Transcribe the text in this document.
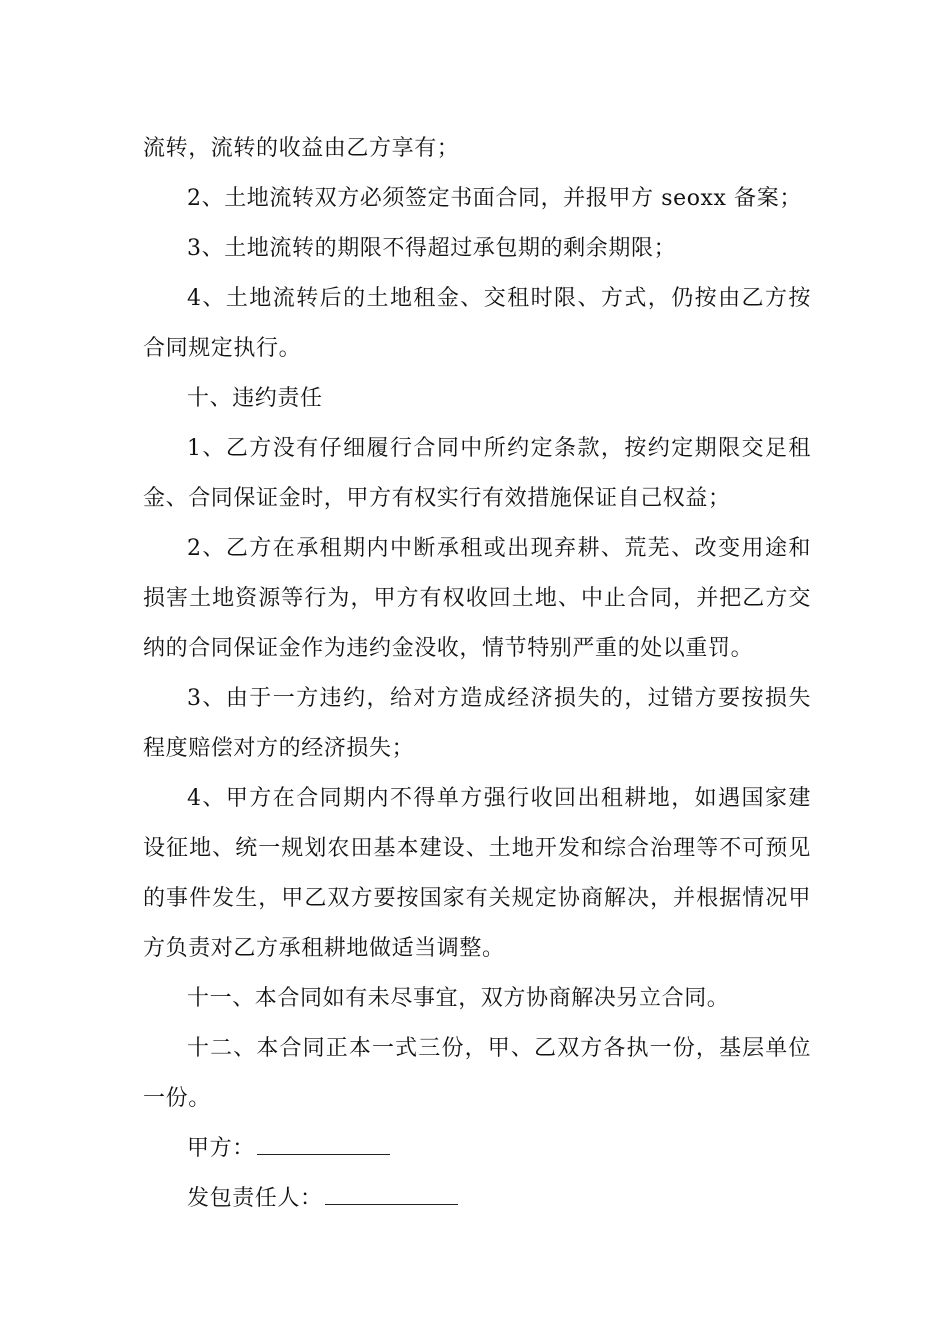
流转，流转的收益由乙方享有；

2、土地流转双方必须签定书面合同，并报甲方 seoxx 备案；

3、土地流转的期限不得超过承包期的剩余期限；

4、土地流转后的土地租金、交租时限、方式，仍按由乙方按合同规定执行。

十、违约责任

1、乙方没有仔细履行合同中所约定条款，按约定期限交足租金、合同保证金时，甲方有权实行有效措施保证自己权益；

2、乙方在承租期内中断承租或出现弃耕、荒芜、改变用途和损害土地资源等行为，甲方有权收回土地、中止合同，并把乙方交纳的合同保证金作为违约金没收，情节特别严重的处以重罚。

3、由于一方违约，给对方造成经济损失的，过错方要按损失程度赔偿对方的经济损失；

4、甲方在合同期内不得单方强行收回出租耕地，如遇国家建设征地、统一规划农田基本建设、土地开发和综合治理等不可预见的事件发生，甲乙双方要按国家有关规定协商解决，并根据情况甲方负责对乙方承租耕地做适当调整。

十一、本合同如有未尽事宜，双方协商解决另立合同。

十二、本合同正本一式三份，甲、乙双方各执一份，基层单位一份。

甲方：
发包责任人：
